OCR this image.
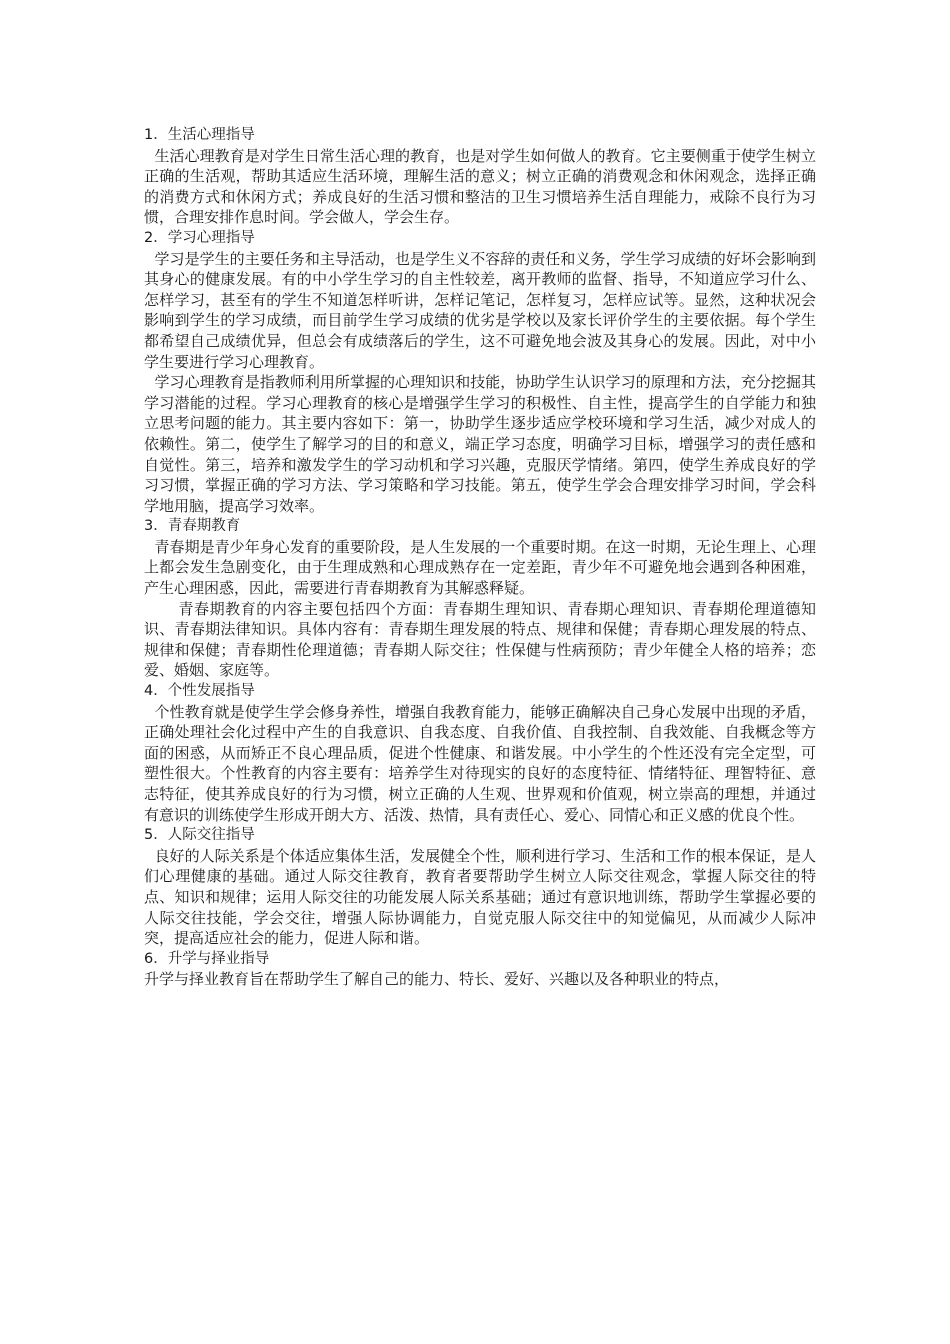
1．生活心理指导

生活心理教育是对学生日常生活心理的教育，也是对学生如何做人的教育。它主要侧重于使学生树立正确的生活观，帮助其适应生活环境，理解生活的意义；树立正确的消费观念和休闲观念，选择正确的消费方式和休闲方式；养成良好的生活习惯和整洁的卫生习惯培养生活自理能力，戒除不良行为习惯，合理安排作息时间。学会做人，学会生存。

2．学习心理指导

学习是学生的主要任务和主导活动，也是学生义不容辞的责任和义务，学生学习成绩的好坏会影响到其身心的健康发展。有的中小学生学习的自主性较差，离开教师的监督、指导，不知道应学习什么、怎样学习，甚至有的学生不知道怎样听讲，怎样记笔记，怎样复习，怎样应试等。显然，这种状况会影响到学生的学习成绩，而目前学生学习成绩的优劣是学校以及家长评价学生的主要依据。每个学生都希望自己成绩优异，但总会有成绩落后的学生，这不可避免地会波及其身心的发展。因此，对中小学生要进行学习心理教育。

学习心理教育是指教师利用所掌握的心理知识和技能，协助学生认识学习的原理和方法，充分挖掘其学习潜能的过程。学习心理教育的核心是增强学生学习的积极性、自主性，提高学生的自学能力和独立思考问题的能力。其主要内容如下：第一，协助学生逐步适应学校环境和学习生活，减少对成人的依赖性。第二，使学生了解学习的目的和意义，端正学习态度，明确学习目标，增强学习的责任感和自觉性。第三，培养和激发学生的学习动机和学习兴趣，克服厌学情绪。第四，使学生养成良好的学习习惯，掌握正确的学习方法、学习策略和学习技能。第五，使学生学会合理安排学习时间，学会科学地用脑，提高学习效率。

3．青春期教育

青春期是青少年身心发育的重要阶段，是人生发展的一个重要时期。在这一时期，无论生理上、心理上都会发生急剧变化，由于生理成熟和心理成熟存在一定差距，青少年不可避免地会遇到各种困难，产生心理困惑，因此，需要进行青春期教育为其解惑释疑。

青春期教育的内容主要包括四个方面：青春期生理知识、青春期心理知识、青春期伦理道德知识、青春期法律知识。具体内容有：青春期生理发展的特点、规律和保健；青春期心理发展的特点、规律和保健；青春期性伦理道德；青春期人际交往；性保健与性病预防；青少年健全人格的培养；恋爱、婚姻、家庭等。

4．个性发展指导

个性教育就是使学生学会修身养性，增强自我教育能力，能够正确解决自己身心发展中出现的矛盾，正确处理社会化过程中产生的自我意识、自我态度、自我价值、自我控制、自我效能、自我概念等方面的困惑，从而矫正不良心理品质，促进个性健康、和谐发展。中小学生的个性还没有完全定型，可塑性很大。个性教育的内容主要有：培养学生对待现实的良好的态度特征、情绪特征、理智特征、意志特征，使其养成良好的行为习惯，树立正确的人生观、世界观和价值观，树立崇高的理想，并通过有意识的训练使学生形成开朗大方、活泼、热情，具有责任心、爱心、同情心和正义感的优良个性。

5．人际交往指导

良好的人际关系是个体适应集体生活，发展健全个性，顺利进行学习、生活和工作的根本保证，是人们心理健康的基础。通过人际交往教育，教育者要帮助学生树立人际交往观念，掌握人际交往的特点、知识和规律；运用人际交往的功能发展人际关系基础；通过有意识地训练，帮助学生掌握必要的人际交往技能，学会交往，增强人际协调能力，自觉克服人际交往中的知觉偏见，从而减少人际冲突，提高适应社会的能力，促进人际和谐。

6．升学与择业指导

升学与择业教育旨在帮助学生了解自己的能力、特长、爱好、兴趣以及各种职业的特点，
